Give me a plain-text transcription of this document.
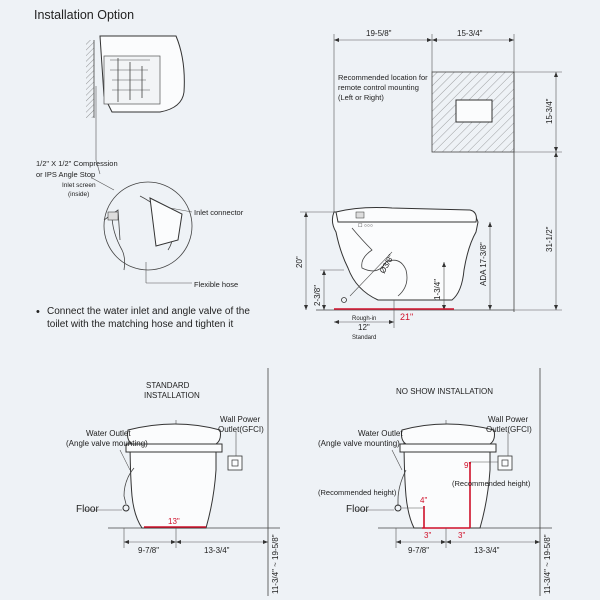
Installation Option
1/2" X 1/2" Compression
or IPS Angle Stop
Inlet screen
(inside)
Inlet connector
Flexible hose
• Connect the water inlet and angle valve of the
toilet with the matching hose and tighten it
☐ ○○○
19-5/8"	15-3/4"
Recommended location for
remote control mounting
(Left or Right)
15-3/4"
31-1/2"
ADA 17-3/8"
20"
2-3/8"	1-3/4"
Ø3/8"
Rough-in
12"
Standard
21"
STANDARD
INSTALLATION
Water Outlet
(Angle valve mounting)
Wall Power
Outlet(GFCI)
Floor
13"
9-7/8"	13-3/4"	11-3/4" ~ 19-5/8"
NO SHOW INSTALLATION
Water Outlet
(Angle valve mounting)
Wall Power
Outlet(GFCI)
(Recommended height)
(Recommended height)
4"
9"
3"	3"
Floor
9-7/8"	13-3/4"	11-3/4" ~ 19-5/8"
